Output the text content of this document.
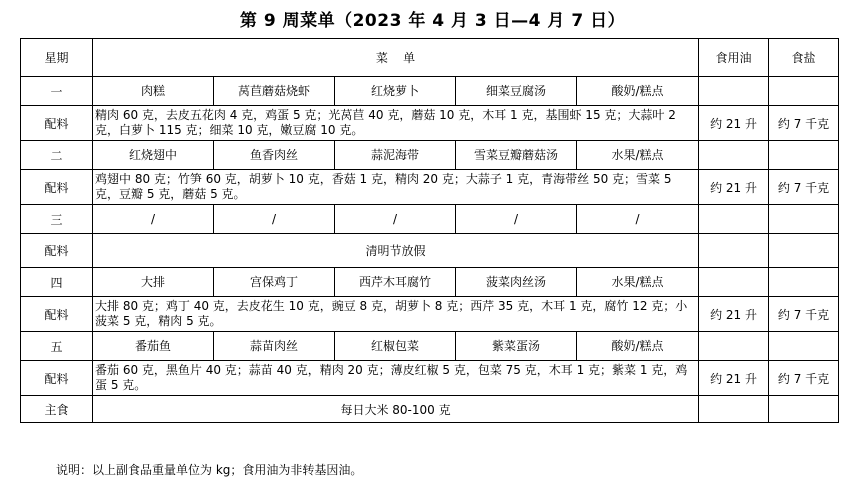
第 9 周菜单（2023 年 4 月 3 日—4 月 7 日）
星期	菜    单					食用油	食盐
一	肉糕	莴苣蘑菇烧虾	红烧萝卜	细菜豆腐汤	酸奶/糕点		
配料	精肉 60 克，去皮五花肉 4 克，鸡蛋 5 克；光莴苣 40 克，蘑菇 10 克，木耳 1 克，基围虾 15 克；大蒜叶 2 克，白萝卜 115 克；细菜 10 克，嫩豆腐 10 克。					约 21 升	约 7 千克
二	红烧翅中	鱼香肉丝	蒜泥海带	雪菜豆瓣蘑菇汤	水果/糕点		
配料	鸡翅中 80 克；竹笋 60 克，胡萝卜 10 克，香菇 1 克，精肉 20 克；大蒜子 1 克，青海带丝 50 克；雪菜 5 克，豆瓣 5 克，蘑菇 5 克。					约 21 升	约 7 千克
三	/	/	/	/	/		
配料	清明节放假						
四	大排	宫保鸡丁	西芹木耳腐竹	菠菜肉丝汤	水果/糕点		
配料	大排 80 克；鸡丁 40 克，去皮花生 10 克，豌豆 8 克，胡萝卜 8 克；西芹 35 克，木耳 1 克，腐竹 12 克；小菠菜 5 克，精肉 5 克。					约 21 升	约 7 千克
五	番茄鱼	蒜苗肉丝	红椒包菜	紫菜蛋汤	酸奶/糕点		
配料	番茄 60 克，黑鱼片 40 克；蒜苗 40 克，精肉 20 克；薄皮红椒 5 克，包菜 75 克，木耳 1 克；紫菜 1 克，鸡蛋 5 克。					约 21 升	约 7 千克
主食	每日大米 80-100 克						
说明：以上副食品重量单位为 kg；食用油为非转基因油。
